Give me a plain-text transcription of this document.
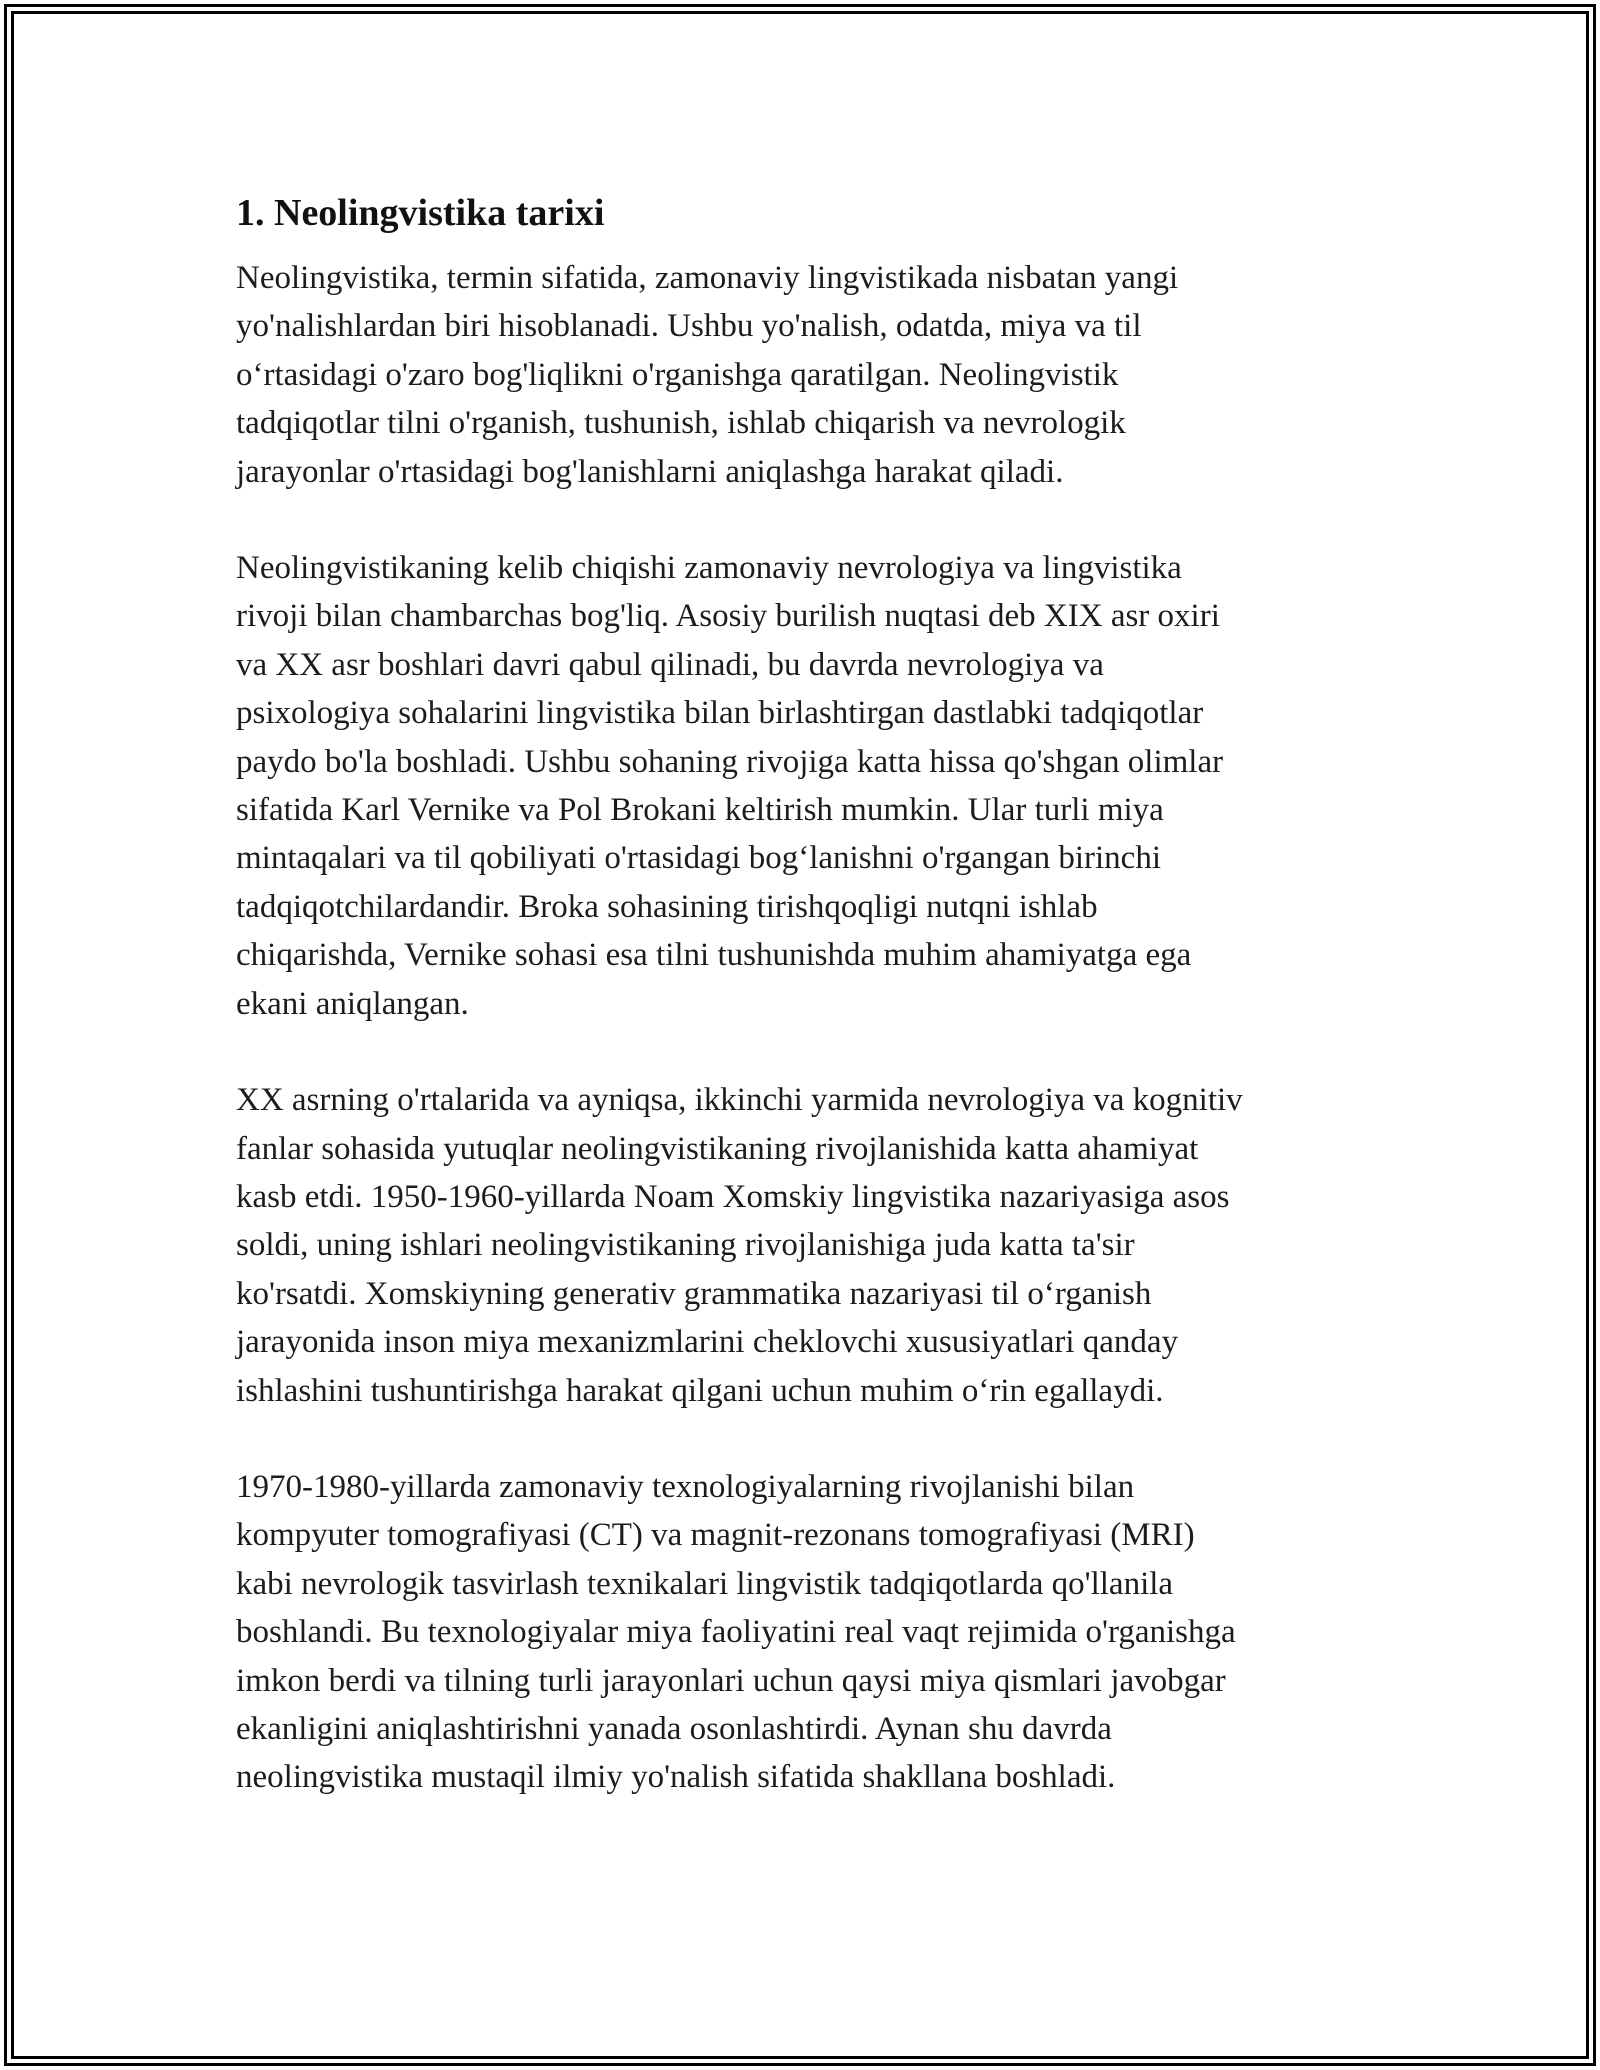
1. Neolingvistika tarixi

Neolingvistika, termin sifatida, zamonaviy lingvistikada nisbatan yangi
yo'nalishlardan biri hisoblanadi. Ushbu yo'nalish, odatda, miya va til
o‘rtasidagi o'zaro bog'liqlikni o'rganishga qaratilgan. Neolingvistik
tadqiqotlar tilni o'rganish, tushunish, ishlab chiqarish va nevrologik
jarayonlar o'rtasidagi bog'lanishlarni aniqlashga harakat qiladi.

Neolingvistikaning kelib chiqishi zamonaviy nevrologiya va lingvistika
rivoji bilan chambarchas bog'liq. Asosiy burilish nuqtasi deb XIX asr oxiri
va XX asr boshlari davri qabul qilinadi, bu davrda nevrologiya va
psixologiya sohalarini lingvistika bilan birlashtirgan dastlabki tadqiqotlar
paydo bo'la boshladi. Ushbu sohaning rivojiga katta hissa qo'shgan olimlar
sifatida Karl Vernike va Pol Brokani keltirish mumkin. Ular turli miya
mintaqalari va til qobiliyati o'rtasidagi bog‘lanishni o'rgangan birinchi
tadqiqotchilardandir. Broka sohasining tirishqoqligi nutqni ishlab
chiqarishda, Vernike sohasi esa tilni tushunishda muhim ahamiyatga ega
ekani aniqlangan.

XX asrning o'rtalarida va ayniqsa, ikkinchi yarmida nevrologiya va kognitiv
fanlar sohasida yutuqlar neolingvistikaning rivojlanishida katta ahamiyat
kasb etdi. 1950-1960-yillarda Noam Xomskiy lingvistika nazariyasiga asos
soldi, uning ishlari neolingvistikaning rivojlanishiga juda katta ta'sir
ko'rsatdi. Xomskiyning generativ grammatika nazariyasi til o‘rganish
jarayonida inson miya mexanizmlarini cheklovchi xususiyatlari qanday
ishlashini tushuntirishga harakat qilgani uchun muhim o‘rin egallaydi.

1970-1980-yillarda zamonaviy texnologiyalarning rivojlanishi bilan
kompyuter tomografiyasi (CT) va magnit-rezonans tomografiyasi (MRI)
kabi nevrologik tasvirlash texnikalari lingvistik tadqiqotlarda qo'llanila
boshlandi. Bu texnologiyalar miya faoliyatini real vaqt rejimida o'rganishga
imkon berdi va tilning turli jarayonlari uchun qaysi miya qismlari javobgar
ekanligini aniqlashtirishni yanada osonlashtirdi. Aynan shu davrda
neolingvistika mustaqil ilmiy yo'nalish sifatida shakllana boshladi.
